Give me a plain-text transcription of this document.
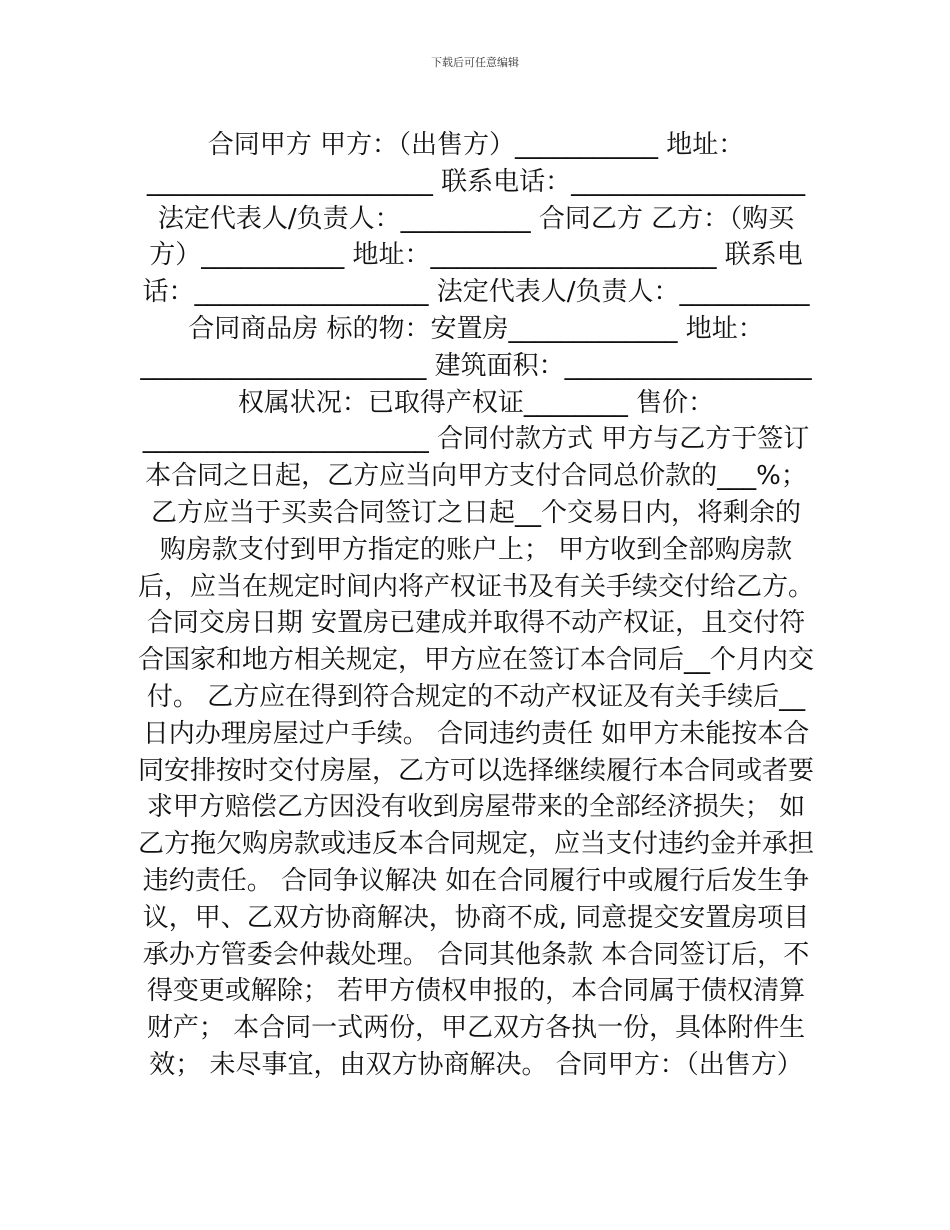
下载后可任意编辑
合同甲方 甲方：（出售方）___________ 地址：
______________________ 联系电话：__________________
法定代表人/负责人：__________ 合同乙方 乙方：（购买
方）___________ 地址：______________________ 联系电
话：__________________ 法定代表人/负责人：__________
合同商品房 标的物：安置房_____________ 地址：
______________________ 建筑面积：___________________
权属状况：已取得产权证________ 售价：
______________________ 合同付款方式 甲方与乙方于签订
本合同之日起，乙方应当向甲方支付合同总价款的___%；
乙方应当于买卖合同签订之日起__个交易日内，将剩余的
购房款支付到甲方指定的账户上； 甲方收到全部购房款
后，应当在规定时间内将产权证书及有关手续交付给乙方。
合同交房日期 安置房已建成并取得不动产权证，且交付符
合国家和地方相关规定，甲方应在签订本合同后__个月内交
付。 乙方应在得到符合规定的不动产权证及有关手续后__
日内办理房屋过户手续。 合同违约责任 如甲方未能按本合
同安排按时交付房屋，乙方可以选择继续履行本合同或者要
求甲方赔偿乙方因没有收到房屋带来的全部经济损失； 如
乙方拖欠购房款或违反本合同规定，应当支付违约金并承担
违约责任。 合同争议解决 如在合同履行中或履行后发生争
议，甲、乙双方协商解决，协商不成, 同意提交安置房项目
承办方管委会仲裁处理。 合同其他条款 本合同签订后，不
得变更或解除； 若甲方债权申报的，本合同属于债权清算
财产； 本合同一式两份，甲乙双方各执一份，具体附件生
效； 未尽事宜，由双方协商解决。 合同甲方：（出售方）
